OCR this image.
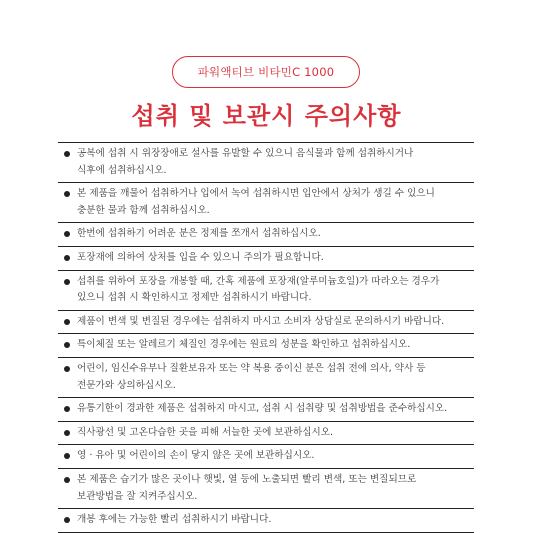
파워액티브 비타민C 1000
섭취 및 보관시 주의사항
공복에 섭취 시 위장장애로 설사를 유발할 수 있으니 음식물과 함께 섭취하시거나
식후에 섭취하십시오.
본 제품을 깨물어 섭취하거나 입에서 녹여 섭취하시면 입안에서 상처가 생길 수 있으니
충분한 물과 함께 섭취하십시오.
한번에 섭취하기 어려운 분은 정제를 쪼개서 섭취하십시오.
포장재에 의하여 상처를 입을 수 있으니 주의가 필요합니다.
섭취를 위하여 포장을 개봉할 때, 간혹 제품에 포장재(알루미늄호일)가 따라오는 경우가
있으니 섭취 시 확인하시고 정제만 섭취하시기 바랍니다.
제품이 변색 및 변질된 경우에는 섭취하지 마시고 소비자 상담실로 문의하시기 바랍니다.
특이체질 또는 알레르기 체질인 경우에는 원료의 성분을 확인하고 섭취하십시오.
어린이, 임신수유부나 질환보유자 또는 약 복용 중이신 분은 섭취 전에 의사, 약사 등
전문가와 상의하십시오.
유통기한이 경과한 제품은 섭취하지 마시고, 섭취 시 섭취량 및 섭취방법을 준수하십시오.
직사광선 및 고온다습한 곳을 피해 서늘한 곳에 보관하십시오.
영 · 유아 및 어린이의 손이 닿지 않은 곳에 보관하십시오.
본 제품은 습기가 많은 곳이나 햇빛, 열 등에 노출되면 빨리 변색, 또는 변질되므로
보관방법을 잘 지켜주십시오.
개봉 후에는 가능한 빨리 섭취하시기 바랍니다.
